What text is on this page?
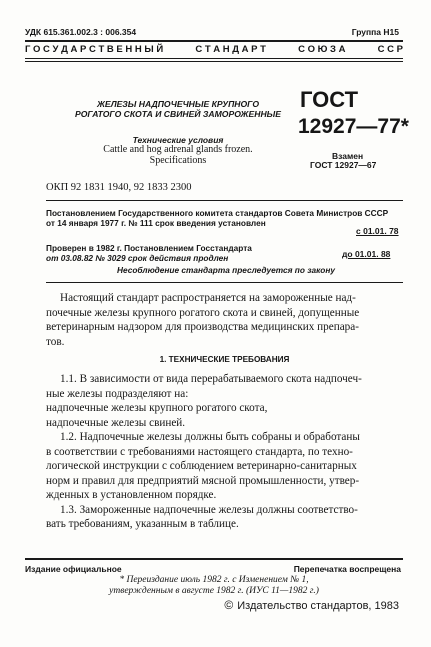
УДК 615.361.002.3 : 006.354	Группа Н15
Г О С У Д А Р С Т В Е Н Н Ы Й	С Т А Н Д А Р Т	С О Ю З А	С С Р
ЖЕЛЕЗЫ НАДПОЧЕЧНЫЕ КРУПНОГО
РОГАТОГО СКОТА И СВИНЕЙ ЗАМОРОЖЕННЫЕ
Технические условия
Cattle and hog adrenal glands frozen.
Specifications
ГОСТ
12927—77*
Взамен
ГОСТ 12927—67
ОКП 92 1831 1940, 92 1833 2300
Постановлением Государственного комитета стандартов Совета Министров СССР
от 14 января 1977 г. № 111 срок введения установлен
с 01.01. 78
Проверен в 1982 г. Постановлением Госстандарта
от 03.08.82 № 3029 срок действия продлен	до 01.01. 88
Несоблюдение стандарта преследуется по закону
Настоящий стандарт распространяется на замороженные над-
почечные железы крупного рогатого скота и свиней, допущенные
ветеринарным надзором для производства медицинских препара-
тов.
1. ТЕХНИЧЕСКИЕ ТРЕБОВАНИЯ
1.1. В зависимости от вида перерабатываемого скота надпочеч-
ные железы подразделяют на:
надпочечные железы крупного рогатого скота,
надпочечные железы свиней.
1.2. Надпочечные железы должны быть собраны и обработаны
в соответствии с требованиями настоящего стандарта, по техно-
логической инструкции с соблюдением ветеринарно-санитарных
норм и правил для предприятий мясной промышленности, утвер-
жденных в установленном порядке.
1.3. Замороженные надпочечные железы должны соответство-
вать требованиям, указанным в таблице.
Издание официальное	Перепечатка воспрещена
* Переиздание июль 1982 г. с Изменением № 1,
утвержденным в августе 1982 г. (ИУС 11—1982 г.)
© Издательство стандартов, 1983
